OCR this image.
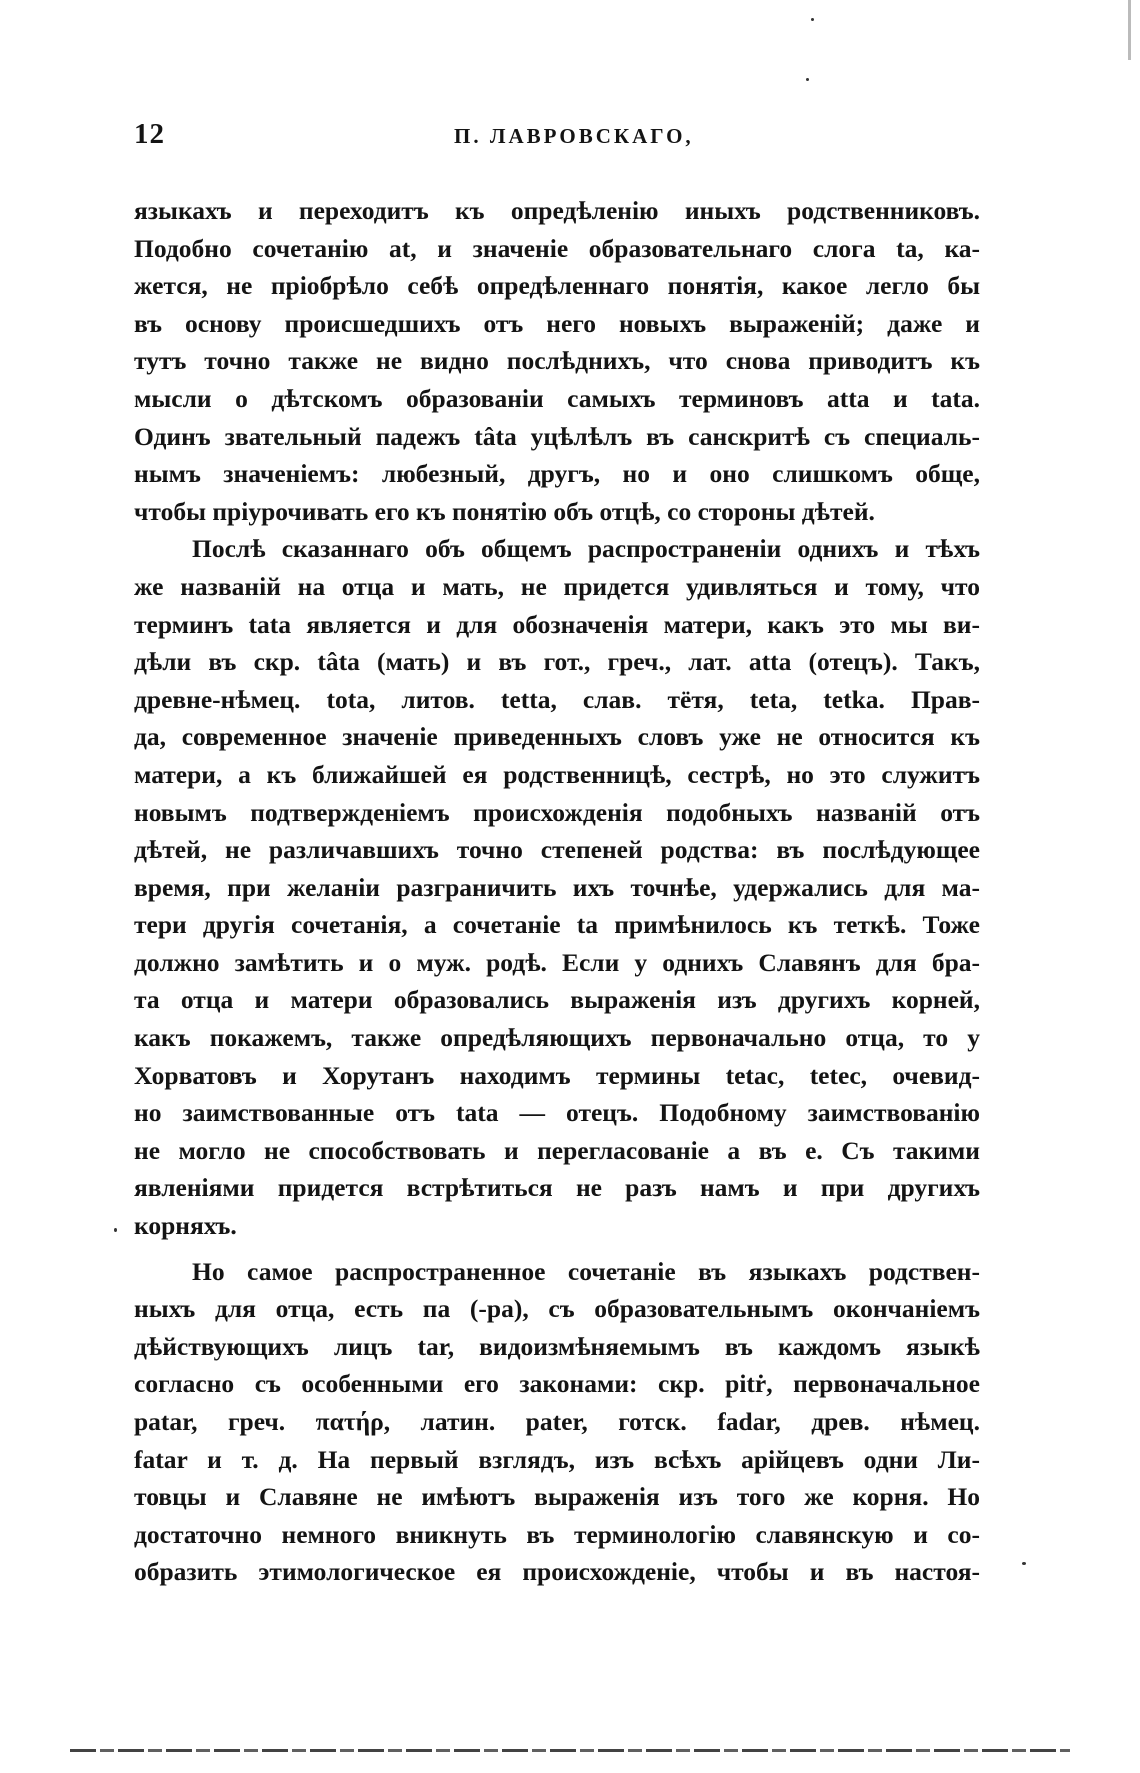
12	П. ЛАВРОВСКАГО,
языкахъ и переходитъ къ опредѣленію иныхъ родственниковъ.
Подобно сочетанію at, и значеніе образовательнаго слога ta, ка-
жется, не пріобрѣло себѣ опредѣленнаго понятія, какое легло бы
въ основу происшедшихъ отъ него новыхъ выраженій; даже и
тутъ точно также не видно послѣднихъ, что снова приводитъ къ
мысли о дѣтскомъ образованіи самыхъ терминовъ atta и tata.
Одинъ звательный падежъ tâta уцѣлѣлъ въ санскритѣ съ специаль-
нымъ значеніемъ: любезный, другъ, но и оно слишкомъ обще,
чтобы пріурочивать его къ понятію объ отцѣ, со стороны дѣтей.
Послѣ сказаннаго объ общемъ распространеніи однихъ и тѣхъ
же названій на отца и мать, не придется удивляться и тому, что
терминъ tata является и для обозначенія матери, какъ это мы ви-
дѣли въ скр. tâta (мать) и въ гот., греч., лат. atta (отецъ). Такъ,
древне-нѣмец. tota, литов. tetta, слав. тётя, teta, tetka. Прав-
да, современное значеніе приведенныхъ словъ уже не относится къ
матери, а къ ближайшей ея родственницѣ, сестрѣ, но это служитъ
новымъ подтвержденіемъ происхожденія подобныхъ названій отъ
дѣтей, не различавшихъ точно степеней родства: въ послѣдующее
время, при желаніи разграничить ихъ точнѣе, удержались для ма-
тери другія сочетанія, а сочетаніе ta примѣнилось къ теткѣ. Тоже
должно замѣтить и о муж. родѣ. Если у однихъ Славянъ для бра-
та отца и матери образовались выраженія изъ другихъ корней,
какъ покажемъ, также опредѣляющихъ первоначально отца, то у
Хорватовъ и Хорутанъ находимъ термины tetac, tetec, очевид-
но заимствованные отъ tata — отецъ. Подобному заимствованію
не могло не способствовать и перегласованіе а въ е. Съ такими
явленіями придется встрѣтиться не разъ намъ и при другихъ
корняхъ.
Но самое распространенное сочетаніе въ языкахъ родствен-
ныхъ для отца, есть па (-pa), съ образовательнымъ окончаніемъ
дѣйствующихъ лицъ tar, видоизмѣняемымъ въ каждомъ языкѣ
согласно съ особенными его законами: скр. pitṙ, первоначальное
patar, греч. πατήρ, латин. pater, готск. fadar, древ. нѣмец.
fatar и т. д. На первый взглядъ, изъ всѣхъ арійцевъ одни Ли-
товцы и Славяне не имѣютъ выраженія изъ того же корня. Но
достаточно немного вникнуть въ терминологію славянскую и со-
образить этимологическое ея происхожденіе, чтобы и въ настоя-
